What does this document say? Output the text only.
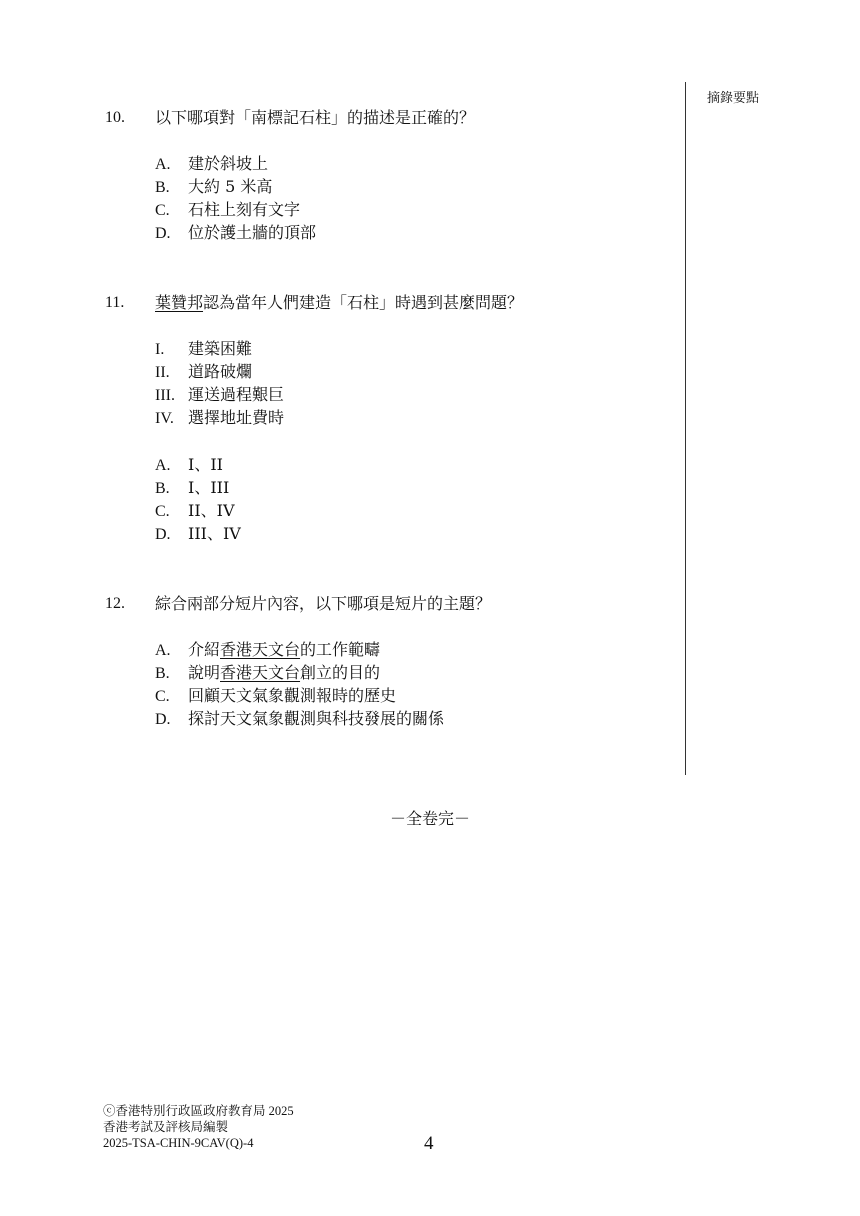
摘錄要點
10. 以下哪項對「南標記石柱」的描述是正確的？
A. 建於斜坡上
B. 大約 5 米高
C. 石柱上刻有文字
D. 位於護土牆的頂部
11. 葉贊邦認為當年人們建造「石柱」時遇到甚麼問題？
I. 建築困難
II. 道路破爛
III. 運送過程艱巨
IV. 選擇地址費時
A. I、II
B. I、III
C. II、IV
D. III、IV
12. 綜合兩部分短片內容，以下哪項是短片的主題？
A. 介紹香港天文台的工作範疇
B. 說明香港天文台創立的目的
C. 回顧天文氣象觀測報時的歷史
D. 探討天文氣象觀測與科技發展的關係
－全卷完－
ⓒ香港特別行政區政府教育局 2025
香港考試及評核局編製
2025-TSA-CHIN-9CAV(Q)-4	4
